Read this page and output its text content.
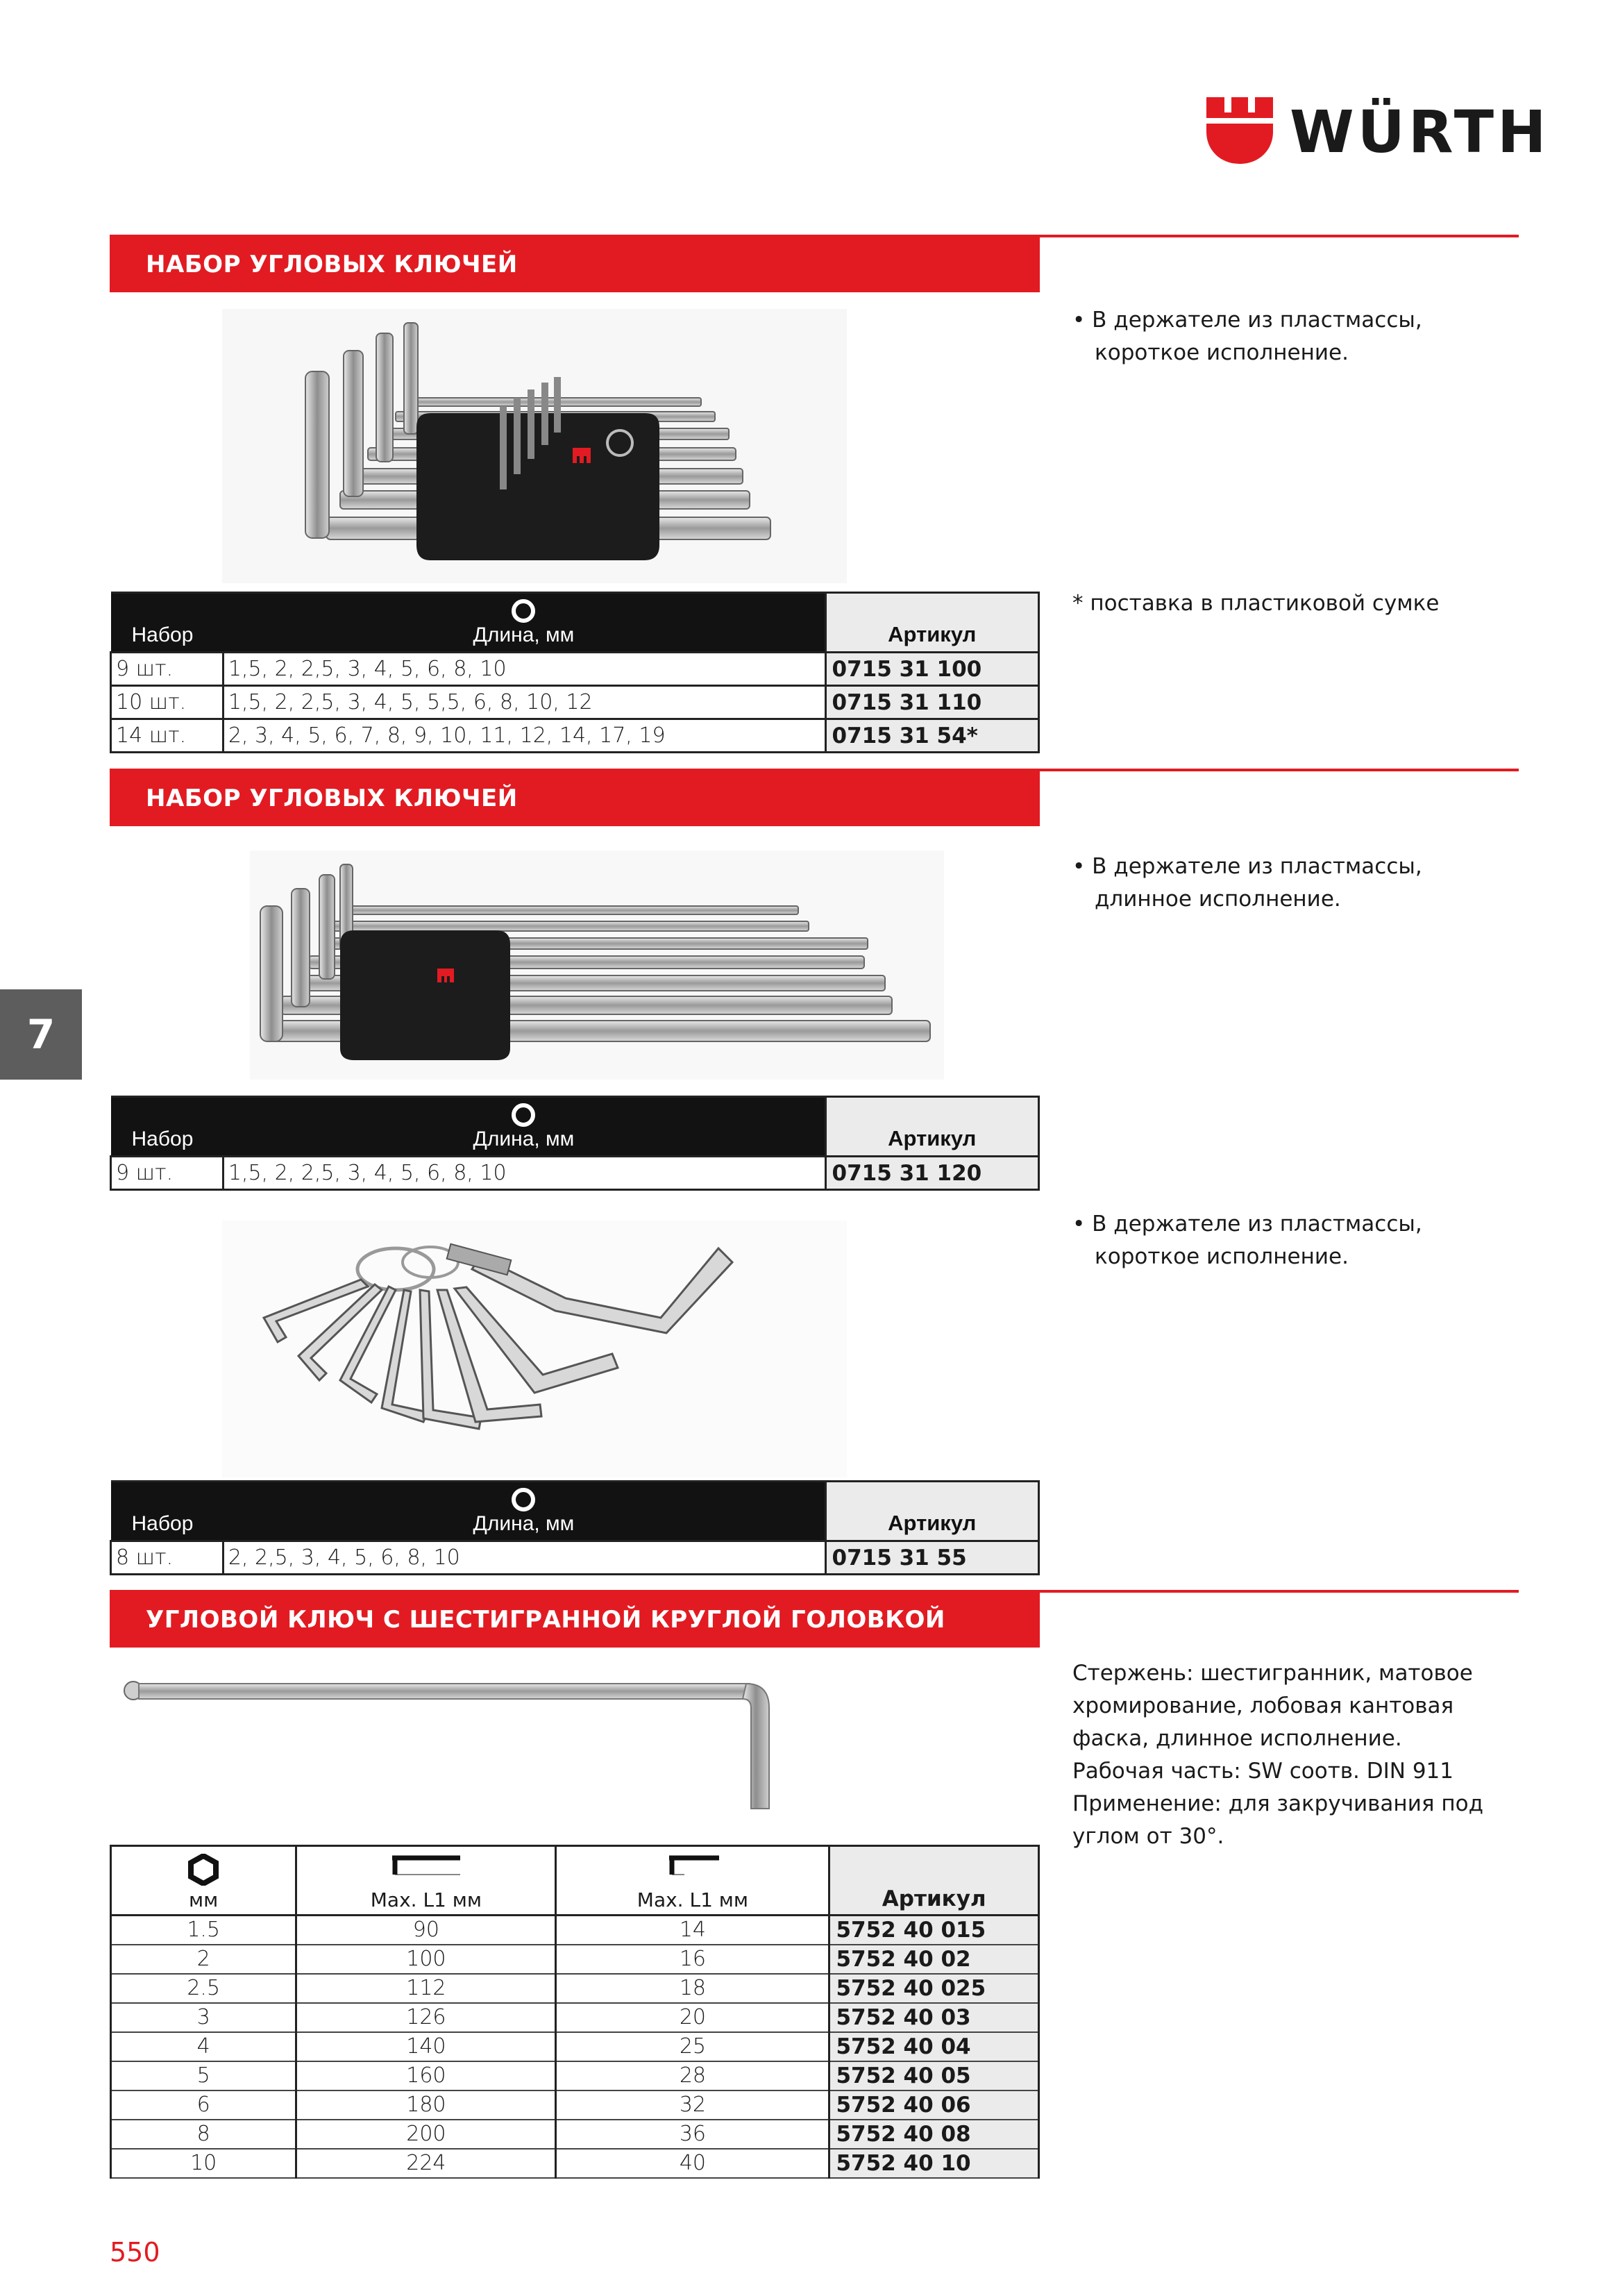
WÜRTH
НАБОР УГЛОВЫХ КЛЮЧЕЙ
Набор	Длина, мм	Артикул
9 шт.	1,5, 2, 2,5, 3, 4, 5, 6, 8, 10	0715 31 100
10 шт.	1,5, 2, 2,5, 3, 4, 5, 5,5, 6, 8, 10, 12	0715 31 110
14 шт.	2, 3, 4, 5, 6, 7, 8, 9, 10, 11, 12, 14, 17, 19	0715 31 54*
• В держателе из пластмассы, короткое исполнение.
* поставка в пластиковой сумке
НАБОР УГЛОВЫХ КЛЮЧЕЙ
Набор	Длина, мм	Артикул
9 шт.	1,5, 2, 2,5, 3, 4, 5, 6, 8, 10	0715 31 120
• В держателе из пластмассы, длинное исполнение.
Набор	Длина, мм	Артикул
8 шт.	2, 2,5, 3, 4, 5, 6, 8, 10	0715 31 55
• В держателе из пластмассы, короткое исполнение.
УГЛОВОЙ КЛЮЧ С ШЕСТИГРАННОЙ КРУГЛОЙ ГОЛОВКОЙ
Стержень: шестигранник, матовое хромирование, лобовая кантовая фаска, длинное исполнение. Рабочая часть: SW соотв. DIN 911 Применение: для закручивания под углом от 30°.
мм	Max. L1 мм	Max. L1 мм	Артикул
1.5	90	14	5752 40 015
2	100	16	5752 40 02
2.5	112	18	5752 40 025
3	126	20	5752 40 03
4	140	25	5752 40 04
5	160	28	5752 40 05
6	180	32	5752 40 06
8	200	36	5752 40 08
10	224	40	5752 40 10
7
550
